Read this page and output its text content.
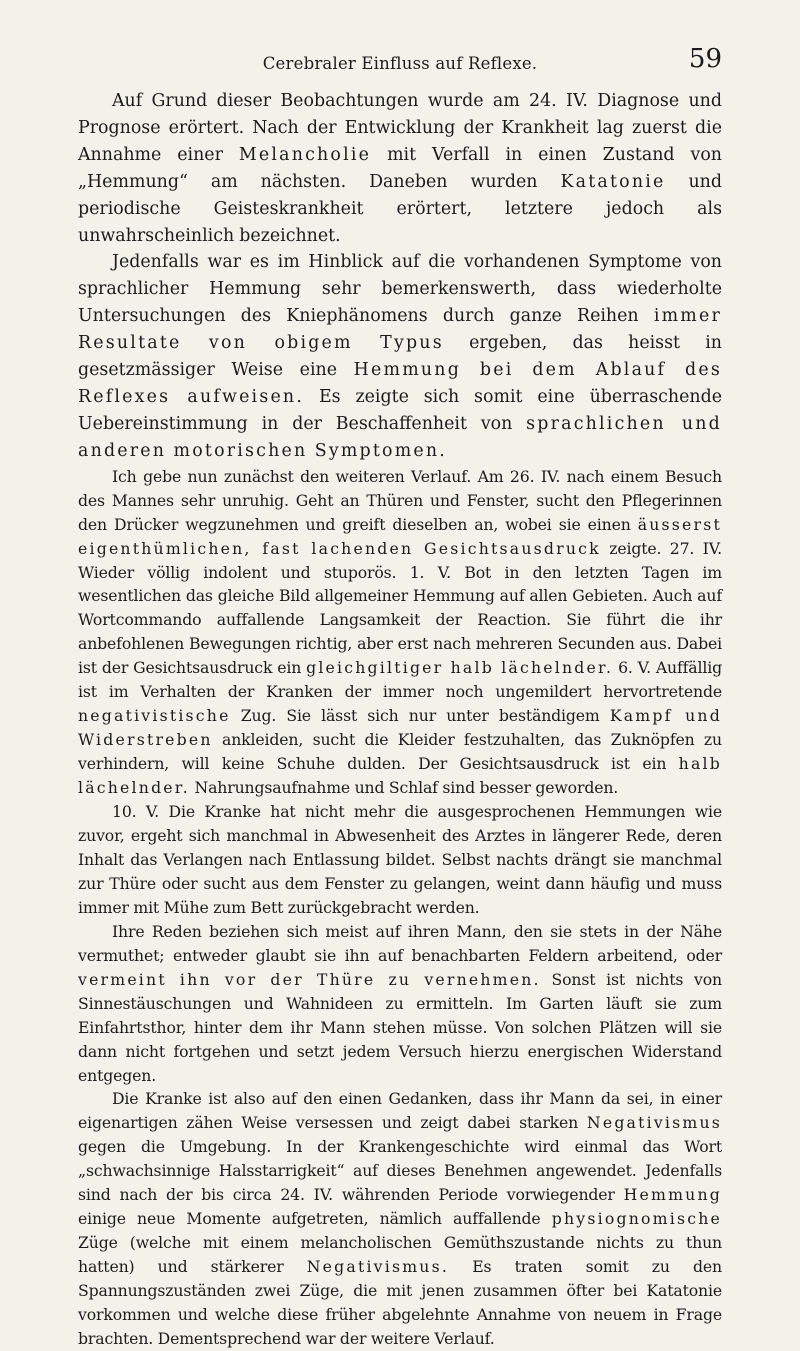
Cerebraler Einfluss auf Reflexe.	59

Auf Grund dieser Beobachtungen wurde am 24. IV. Diagnose und Prognose erörtert. Nach der Entwicklung der Krankheit lag zuerst die Annahme einer Melancholie mit Verfall in einen Zustand von „Hemmung“ am nächsten. Daneben wurden Katatonie und periodische Geisteskrankheit erörtert, letztere jedoch als unwahrscheinlich bezeichnet.

Jedenfalls war es im Hinblick auf die vorhandenen Symptome von sprachlicher Hemmung sehr bemerkenswerth, dass wiederholte Untersuchungen des Kniephänomens durch ganze Reihen immer Resultate von obigem Typus ergeben, das heisst in gesetzmässiger Weise eine Hemmung bei dem Ablauf des Reflexes aufweisen. Es zeigte sich somit eine überraschende Uebereinstimmung in der Beschaffenheit von sprachlichen und anderen motorischen Symptomen.

Ich gebe nun zunächst den weiteren Verlauf. Am 26. IV. nach einem Besuch des Mannes sehr unruhig. Geht an Thüren und Fenster, sucht den Pflegerinnen den Drücker wegzunehmen und greift dieselben an, wobei sie einen äusserst eigenthümlichen, fast lachenden Gesichtsausdruck zeigte. 27. IV. Wieder völlig indolent und stuporös. 1. V. Bot in den letzten Tagen im wesentlichen das gleiche Bild allgemeiner Hemmung auf allen Gebieten. Auch auf Wortcommando auffallende Langsamkeit der Reaction. Sie führt die ihr anbefohlenen Bewegungen richtig, aber erst nach mehreren Secunden aus. Dabei ist der Gesichtsausdruck ein gleichgiltiger halb lächelnder. 6. V. Auffällig ist im Verhalten der Kranken der immer noch ungemildert hervortretende negativistische Zug. Sie lässt sich nur unter beständigem Kampf und Widerstreben ankleiden, sucht die Kleider festzuhalten, das Zuknöpfen zu verhindern, will keine Schuhe dulden. Der Gesichtsausdruck ist ein halb lächelnder. Nahrungsaufnahme und Schlaf sind besser geworden.

10. V. Die Kranke hat nicht mehr die ausgesprochenen Hemmungen wie zuvor, ergeht sich manchmal in Abwesenheit des Arztes in längerer Rede, deren Inhalt das Verlangen nach Entlassung bildet. Selbst nachts drängt sie manchmal zur Thüre oder sucht aus dem Fenster zu gelangen, weint dann häufig und muss immer mit Mühe zum Bett zurückgebracht werden.

Ihre Reden beziehen sich meist auf ihren Mann, den sie stets in der Nähe vermuthet; entweder glaubt sie ihn auf benachbarten Feldern arbeitend, oder vermeint ihn vor der Thüre zu vernehmen. Sonst ist nichts von Sinnestäuschungen und Wahnideen zu ermitteln. Im Garten läuft sie zum Einfahrtsthor, hinter dem ihr Mann stehen müsse. Von solchen Plätzen will sie dann nicht fortgehen und setzt jedem Versuch hierzu energischen Widerstand entgegen.

Die Kranke ist also auf den einen Gedanken, dass ihr Mann da sei, in einer eigenartigen zähen Weise versessen und zeigt dabei starken Negativismus gegen die Umgebung. In der Krankengeschichte wird einmal das Wort „schwachsinnige Halsstarrigkeit“ auf dieses Benehmen angewendet. Jedenfalls sind nach der bis circa 24. IV. währenden Periode vorwiegender Hemmung einige neue Momente aufgetreten, nämlich auffallende physiognomische Züge (welche mit einem melancholischen Gemüthszustande nichts zu thun hatten) und stärkerer Negativismus. Es traten somit zu den Spannungszuständen zwei Züge, die mit jenen zusammen öfter bei Katatonie vorkommen und welche diese früher abgelehnte Annahme von neuem in Frage brachten. Dementsprechend war der weitere Verlauf.
